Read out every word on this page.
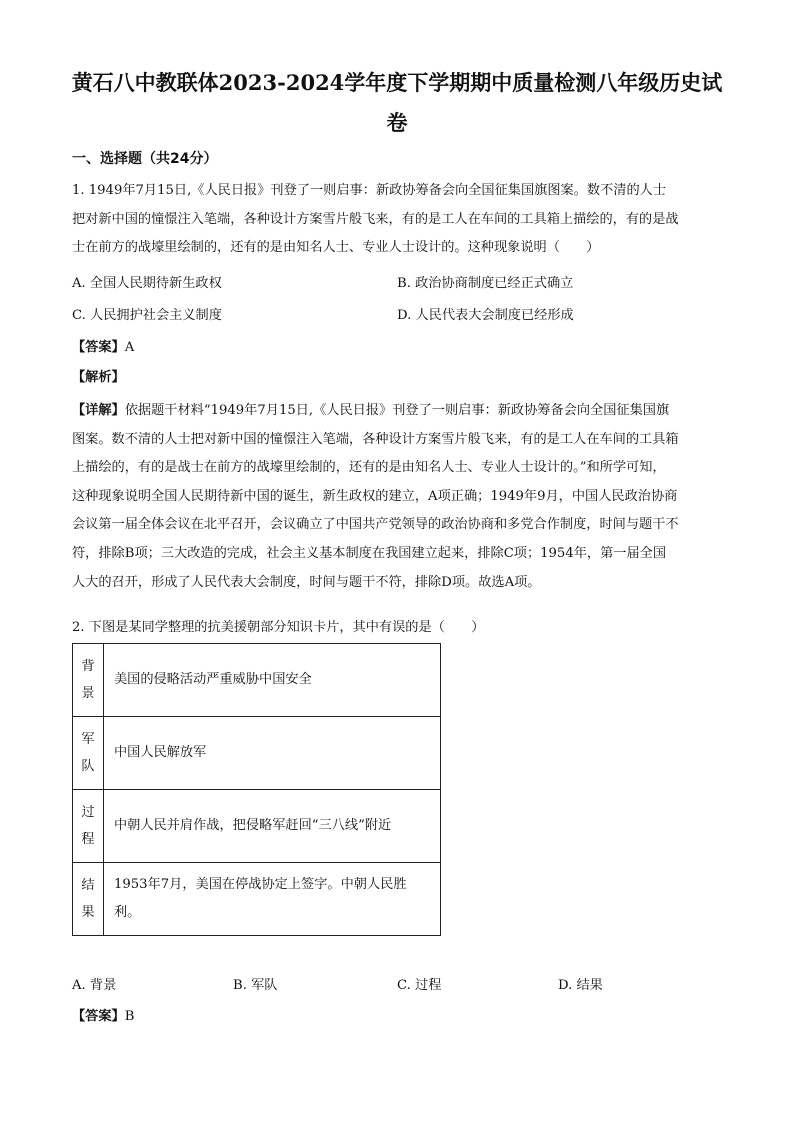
黄石八中教联体2023-2024学年度下学期期中质量检测八年级历史试
卷
一、选择题（共24分）
1. 1949年7月15日,《人民日报》刊登了一则启事：新政协筹备会向全国征集国旗图案。数不清的人士
把对新中国的憧憬注入笔端，各种设计方案雪片般飞来，有的是工人在车间的工具箱上描绘的，有的是战
士在前方的战壕里绘制的，还有的是由知名人士、专业人士设计的。这种现象说明（　　）
A. 全国人民期待新生政权	B. 政治协商制度已经正式确立
C. 人民拥护社会主义制度	D. 人民代表大会制度已经形成
【答案】A
【解析】
【详解】依据题干材料“1949年7月15日,《人民日报》刊登了一则启事：新政协筹备会向全国征集国旗
图案。数不清的人士把对新中国的憧憬注入笔端，各种设计方案雪片般飞来，有的是工人在车间的工具箱
上描绘的，有的是战士在前方的战壕里绘制的，还有的是由知名人士、专业人士设计的。”和所学可知，
这种现象说明全国人民期待新中国的诞生，新生政权的建立，A项正确；1949年9月，中国人民政治协商
会议第一届全体会议在北平召开，会议确立了中国共产党领导的政治协商和多党合作制度，时间与题干不
符，排除B项；三大改造的完成，社会主义基本制度在我国建立起来，排除C项；1954年，第一届全国
人大的召开，形成了人民代表大会制度，时间与题干不符，排除D项。故选A项。
2. 下图是某同学整理的抗美援朝部分知识卡片，其中有误的是（　　）
背
景	美国的侵略活动严重威胁中国安全

军
队	中国人民解放军

过
程	中朝人民并肩作战，把侵略军赶回“三八线”附近

结
果	1953年7月，美国在停战协定上签字。中朝人民胜
利。
A. 背景	B. 军队	C. 过程	D. 结果
【答案】B
